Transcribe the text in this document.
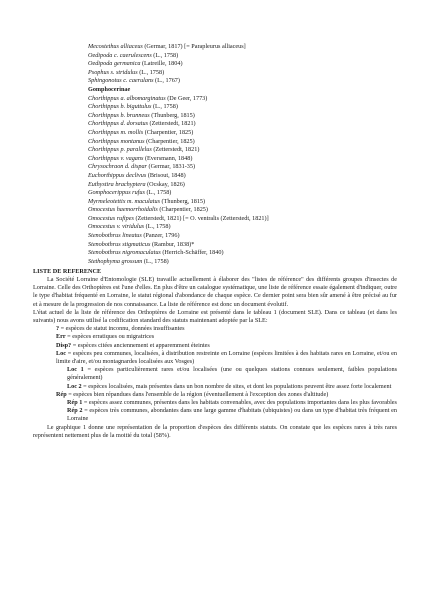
Mecostethus alliaceus (Germar, 1817) [= Parapleurus alliaceus]
Oedipoda c. caerulescens (L., 1758)
Oedipoda germanica (Latreille, 1804)
Psophus s. stridulus (L., 1758)
Sphingonotus c. caerulans (L., 1767)
Gomphocerinae
Chorthippus a. albomarginatus (De Geer, 1773)
Chorthippus b. biguttulus (L., 1758)
Chorthippus b. brunneus (Thunberg, 1815)
Chorthippus d. dorsatus (Zetterstedt, 1821)
Chorthippus m. mollis (Charpentier, 1825)
Chorthippus montanus (Charpentier, 1825)
Chorthippus p. parallelus (Zetterstedt, 1821)
Chorthippus v. vagans (Eversmann, 1848)
Chrysochraon d. dispar (Germar, 1831-35)
Euchorthippus declivus (Brisout, 1848)
Euthystira brachyptera (Ocskay, 1826)
Gomphocerippus rufus (L., 1758)
Myrmeleotettix m. maculatus (Thunberg, 1815)
Omocestus haemorrhoidalis (Charpentier, 1825)
Omocestus rufipes (Zetterstedt, 1821) [= O. ventralis (Zetterstedt, 1821)]
Omocestus v. viridulus (L., 1758)
Stenobothrus lineatus (Panzer, 1796)
Stenobothrus stigmaticus (Rambur, 1838)*
Stenobothrus nigromaculatus (Herrich-Schäffer, 1840)
Stethophyma grossum (L., 1758)
LISTE DE REFERENCE

La Société Lorraine d'Entomologie (SLE) travaille actuellement à élaborer des "listes de référence" des différents groupes d'insectes de Lorraine. Celle des Orthoptères est l'une d'elles. En plus d'être un catalogue systématique, une liste de référence essaie également d'indiquer, outre le type d'habitat fréquenté en Lorraine, le statut régional d'abondance de chaque espèce. Ce dernier point sera bien sûr amené à être précisé au fur et à mesure de la progression de nos connaissance. La liste de référence est donc un document évolutif.

L'état actuel de la liste de référence des Orthoptères de Lorraine est présenté dans le tableau 1 (document SLE). Dans ce tableau (et dans les suivants) nous avons utilisé la codification standard des statuts maintenant adoptée par la SLE:

? = espèces de statut inconnu, données insuffisantes

Err = espèces erratiques ou migratrices

Disp? = espèces citées anciennement et apparemment éteintes

Loc = espèces peu communes, localisées, à distribution restreinte en Lorraine (espèces limitées à des habitats rares en Lorraine, et/ou en limite d'aire, et/ou montagnardes localisées aux Vosges)

Loc 1 = espèces particulièrement rares et/ou localisées (une ou quelques stations connues seulement, faibles populations généralement)

Loc 2 = espèces localisées, mais présentes dans un bon nombre de sites, et dont les populations peuvent être assez forte localement

Rép = espèces bien répandues dans l'ensemble de la région (éventuellement à l'exception des zones d'altitude)

Rép 1 = espèces assez communes, présentes dans les habitats convenables, avec des populations importantes dans les plus favorables

Rép 2 = espèces très communes, abondantes dans une large gamme d'habitats (ubiquistes) ou dans un type d'habitat très fréquent en Lorraine

Le graphique 1 donne une représentation de la proportion d'espèces des différents statuts. On constate que les espèces rares à très rares représentent nettement plus de la moitié du total (58%).
